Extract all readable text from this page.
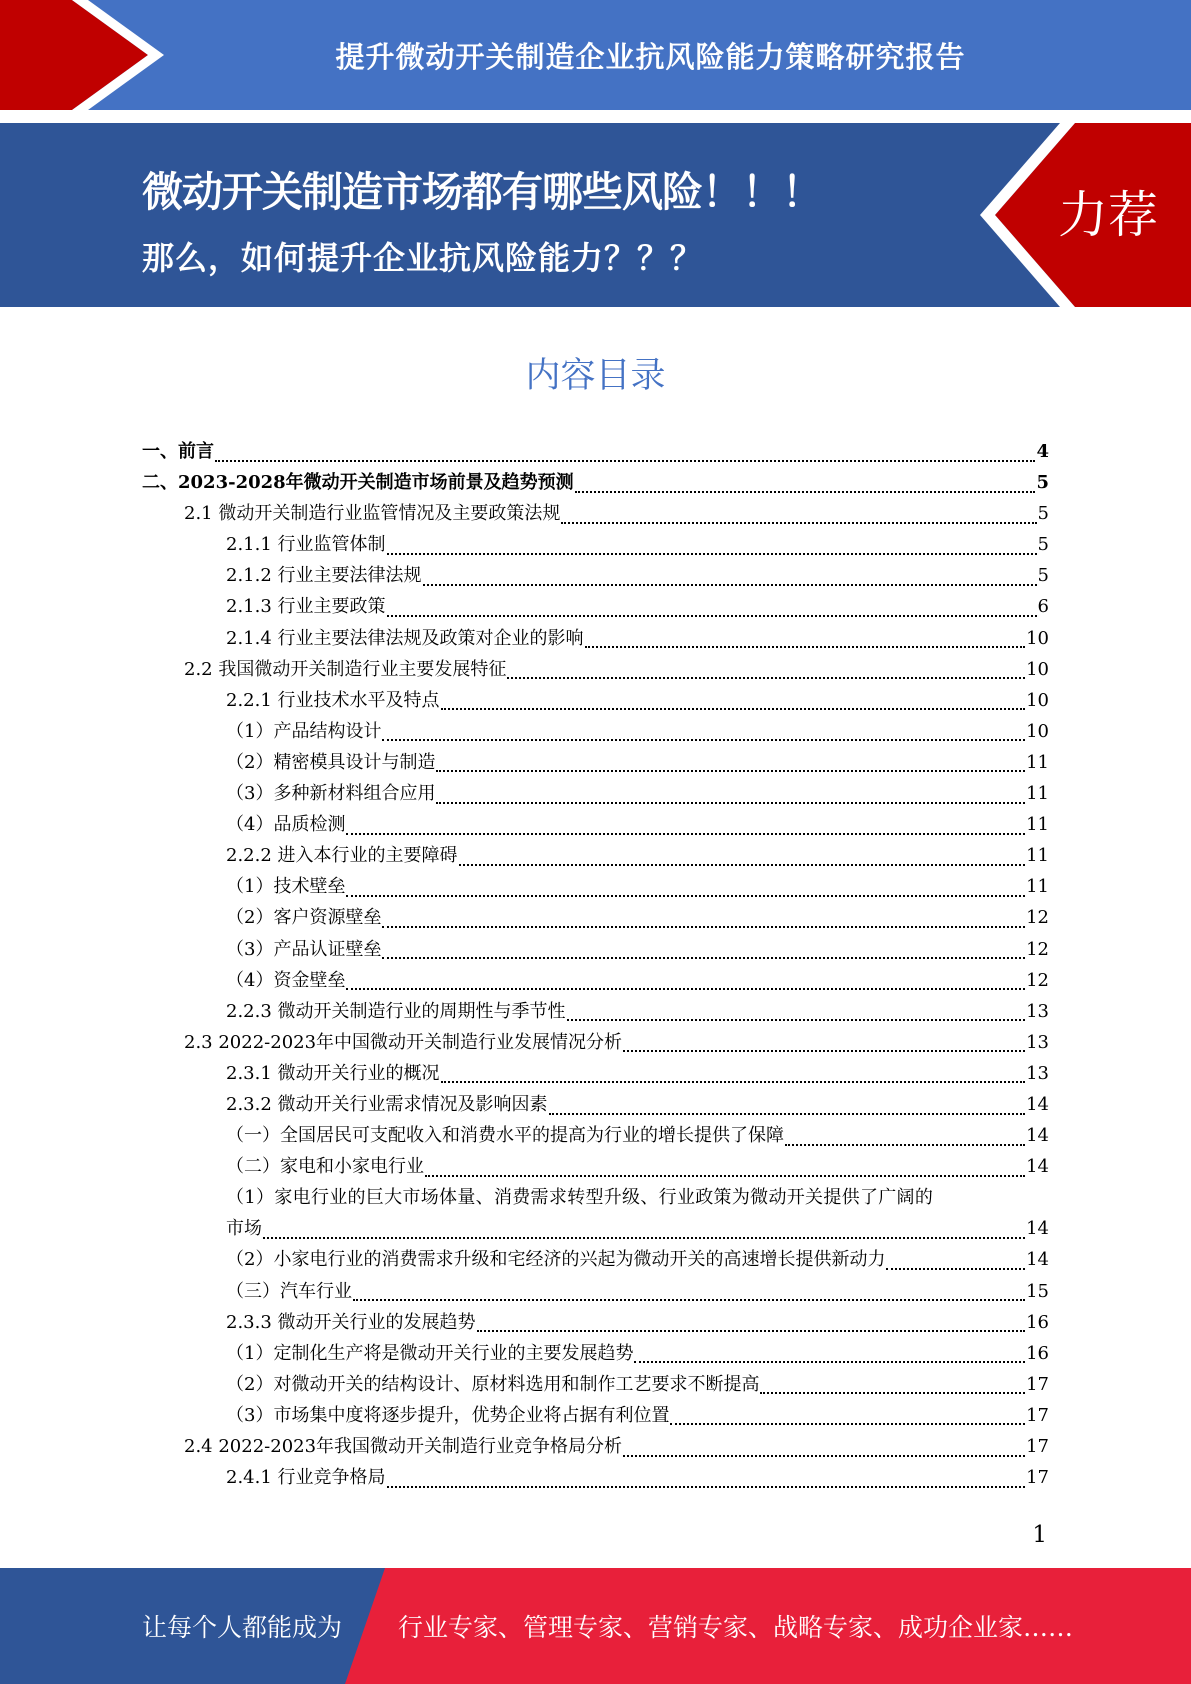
提升微动开关制造企业抗风险能力策略研究报告
微动开关制造市场都有哪些风险！！！
那么，如何提升企业抗风险能力？？？
力荐
内容目录
一、前言	4
二、2023-2028年微动开关制造市场前景及趋势预测	5
2.1 微动开关制造行业监管情况及主要政策法规	5
2.1.1 行业监管体制	5
2.1.2 行业主要法律法规	5
2.1.3 行业主要政策	6
2.1.4 行业主要法律法规及政策对企业的影响	10
2.2 我国微动开关制造行业主要发展特征	10
2.2.1 行业技术水平及特点	10
（1）产品结构设计	10
（2）精密模具设计与制造	11
（3）多种新材料组合应用	11
（4）品质检测	11
2.2.2 进入本行业的主要障碍	11
（1）技术壁垒	11
（2）客户资源壁垒	12
（3）产品认证壁垒	12
（4）资金壁垒	12
2.2.3 微动开关制造行业的周期性与季节性	13
2.3 2022-2023年中国微动开关制造行业发展情况分析	13
2.3.1 微动开关行业的概况	13
2.3.2 微动开关行业需求情况及影响因素	14
（一）全国居民可支配收入和消费水平的提高为行业的增长提供了保障	14
（二）家电和小家电行业	14
（1）家电行业的巨大市场体量、消费需求转型升级、行业政策为微动开关提供了广阔的
市场	14
（2）小家电行业的消费需求升级和宅经济的兴起为微动开关的高速增长提供新动力	14
（三）汽车行业	15
2.3.3 微动开关行业的发展趋势	16
（1）定制化生产将是微动开关行业的主要发展趋势	16
（2）对微动开关的结构设计、原材料选用和制作工艺要求不断提高	17
（3）市场集中度将逐步提升，优势企业将占据有利位置	17
2.4 2022-2023年我国微动开关制造行业竞争格局分析	17
2.4.1 行业竞争格局	17
1
让每个人都能成为 行业专家、管理专家、营销专家、战略专家、成功企业家……
